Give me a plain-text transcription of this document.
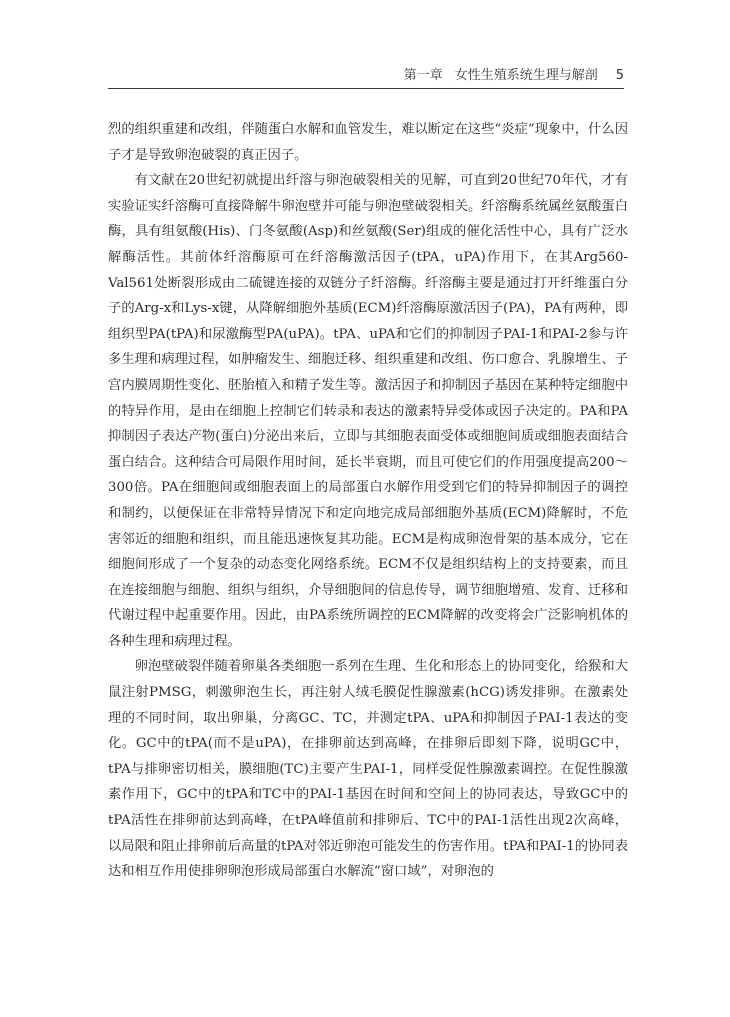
第一章 女性生殖系统生理与解剖 5

烈的组织重建和改组，伴随蛋白水解和血管发生，难以断定在这些“炎症”现象中，什么因子才是导致卵泡破裂的真正因子。

有文献在20世纪初就提出纤溶与卵泡破裂相关的见解，可直到20世纪70年代，才有实验证实纤溶酶可直接降解牛卵泡壁并可能与卵泡壁破裂相关。纤溶酶系统属丝氨酸蛋白酶，具有组氨酸(His)、门冬氨酸(Asp)和丝氨酸(Ser)组成的催化活性中心，具有广泛水解酶活性。其前体纤溶酶原可在纤溶酶激活因子(tPA，uPA)作用下，在其Arg560-Val561处断裂形成由二硫键连接的双链分子纤溶酶。纤溶酶主要是通过打开纤维蛋白分子的Arg-x和Lys-x键，从降解细胞外基质(ECM)纤溶酶原激活因子(PA)，PA有两种，即组织型PA(tPA)和尿激酶型PA(uPA)。tPA、uPA和它们的抑制因子PAI-1和PAI-2参与许多生理和病理过程，如肿瘤发生、细胞迁移、组织重建和改组、伤口愈合、乳腺增生、子宫内膜周期性变化、胚胎植入和精子发生等。激活因子和抑制因子基因在某种特定细胞中的特异作用，是由在细胞上控制它们转录和表达的激素特异受体或因子决定的。PA和PA抑制因子表达产物(蛋白)分泌出来后，立即与其细胞表面受体或细胞间质或细胞表面结合蛋白结合。这种结合可局限作用时间，延长半衰期，而且可使它们的作用强度提高200～300倍。PA在细胞间或细胞表面上的局部蛋白水解作用受到它们的特异抑制因子的调控和制约，以便保证在非常特异情况下和定向地完成局部细胞外基质(ECM)降解时，不危害邻近的细胞和组织，而且能迅速恢复其功能。ECM是构成卵泡骨架的基本成分，它在细胞间形成了一个复杂的动态变化网络系统。ECM不仅是组织结构上的支持要素，而且在连接细胞与细胞、组织与组织，介导细胞间的信息传导，调节细胞增殖、发育、迁移和代谢过程中起重要作用。因此，由PA系统所调控的ECM降解的改变将会广泛影响机体的各种生理和病理过程。

卵泡壁破裂伴随着卵巢各类细胞一系列在生理、生化和形态上的协同变化，给猴和大鼠注射PMSG，刺激卵泡生长，再注射人绒毛膜促性腺激素(hCG)诱发排卵。在激素处理的不同时间，取出卵巢，分离GC、TC，并测定tPA、uPA和抑制因子PAI-1表达的变化。GC中的tPA(而不是uPA)，在排卵前达到高峰，在排卵后即刻下降，说明GC中，tPA与排卵密切相关，膜细胞(TC)主要产生PAI-1，同样受促性腺激素调控。在促性腺激素作用下，GC中的tPA和TC中的PAI-1基因在时间和空间上的协同表达，导致GC中的tPA活性在排卵前达到高峰，在tPA峰值前和排卵后、TC中的PAI-1活性出现2次高峰，以局限和阻止排卵前后高量的tPA对邻近卵泡可能发生的伤害作用。tPA和PAI-1的协同表达和相互作用使排卵卵泡形成局部蛋白水解流“窗口域”，对卵泡的
